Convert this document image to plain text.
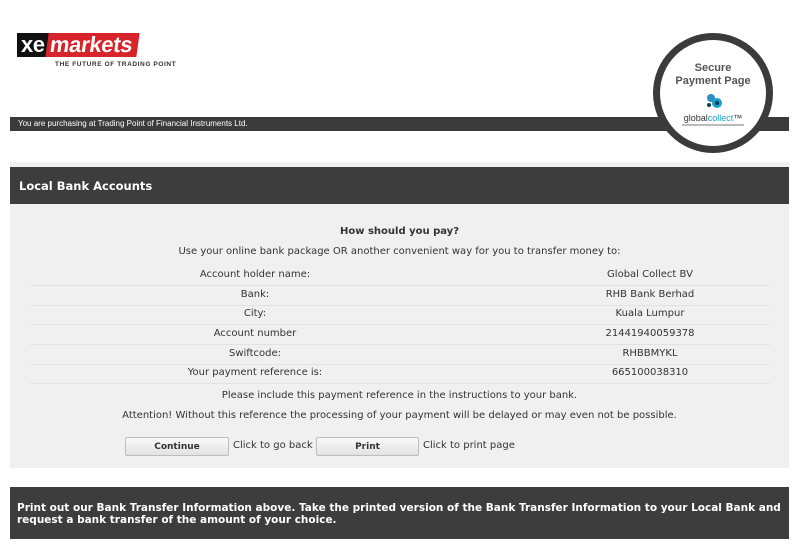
xe markets
THE FUTURE OF TRADING POINT
You are purchasing at Trading Point of Financial Instruments Ltd.
Secure
Payment Page
globalcollect™
Local Bank Accounts
How should you pay?
Use your online bank package OR another convenient way for you to transfer money to:
Account holder name:	Global Collect BV
Bank:	RHB Bank Berhad
City:	Kuala Lumpur
Account number	21441940059378
Swiftcode:	RHBBMYKL
Your payment reference is:	665100038310
Please include this payment reference in the instructions to your bank.
Attention! Without this reference the processing of your payment will be delayed or may even not be possible.
Continue	Click to go back	Print	Click to print page
Print out our Bank Transfer Information above. Take the printed version of the Bank Transfer Information to your Local Bank and request a bank transfer of the amount of your choice.
